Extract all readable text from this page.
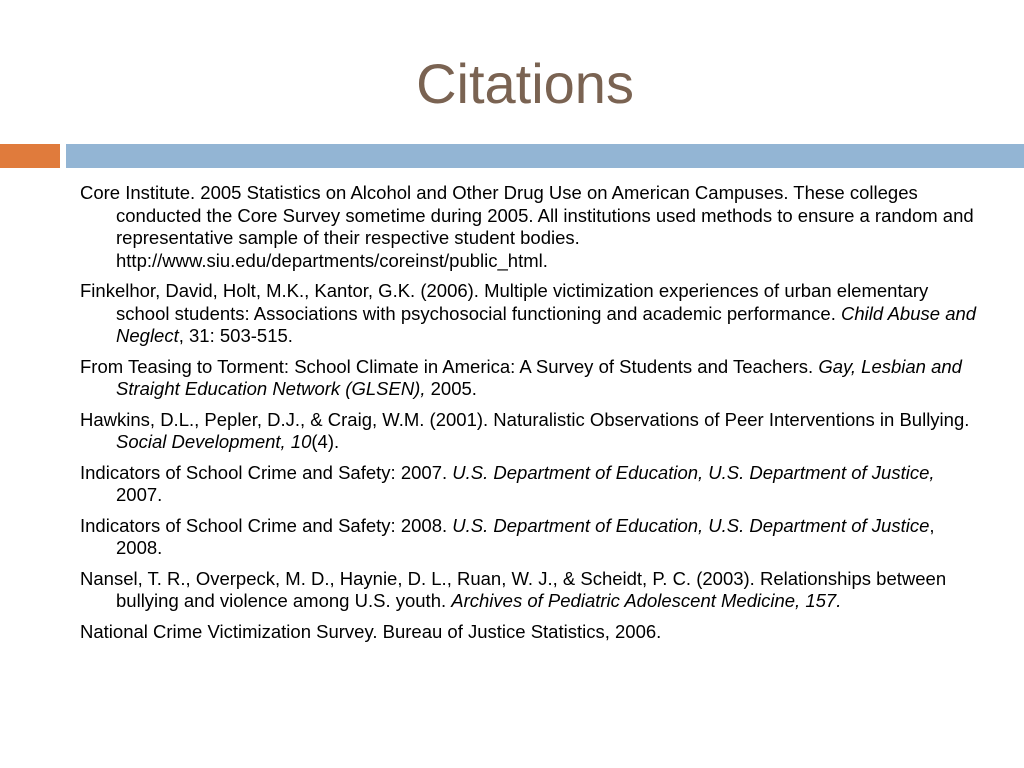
Citations
Core Institute. 2005 Statistics on Alcohol and Other Drug Use on American Campuses. These colleges conducted the Core Survey sometime during 2005. All institutions used methods to ensure a random and representative sample of their respective student bodies. http://www.siu.edu/departments/coreinst/public_html.
Finkelhor, David, Holt, M.K., Kantor, G.K. (2006). Multiple victimization experiences of urban elementary school students: Associations with psychosocial functioning and academic performance. Child Abuse and Neglect, 31: 503-515.
From Teasing to Torment: School Climate in America: A Survey of Students and Teachers. Gay, Lesbian and Straight Education Network (GLSEN), 2005.
Hawkins, D.L., Pepler, D.J., & Craig, W.M. (2001). Naturalistic Observations of Peer Interventions in Bullying. Social Development, 10(4).
Indicators of School Crime and Safety: 2007. U.S. Department of Education, U.S. Department of Justice, 2007.
Indicators of School Crime and Safety: 2008. U.S. Department of Education, U.S. Department of Justice, 2008.
Nansel, T. R., Overpeck, M. D., Haynie, D. L., Ruan, W. J., & Scheidt, P. C. (2003). Relationships between bullying and violence among U.S. youth. Archives of Pediatric Adolescent Medicine, 157.
National Crime Victimization Survey. Bureau of Justice Statistics, 2006.
